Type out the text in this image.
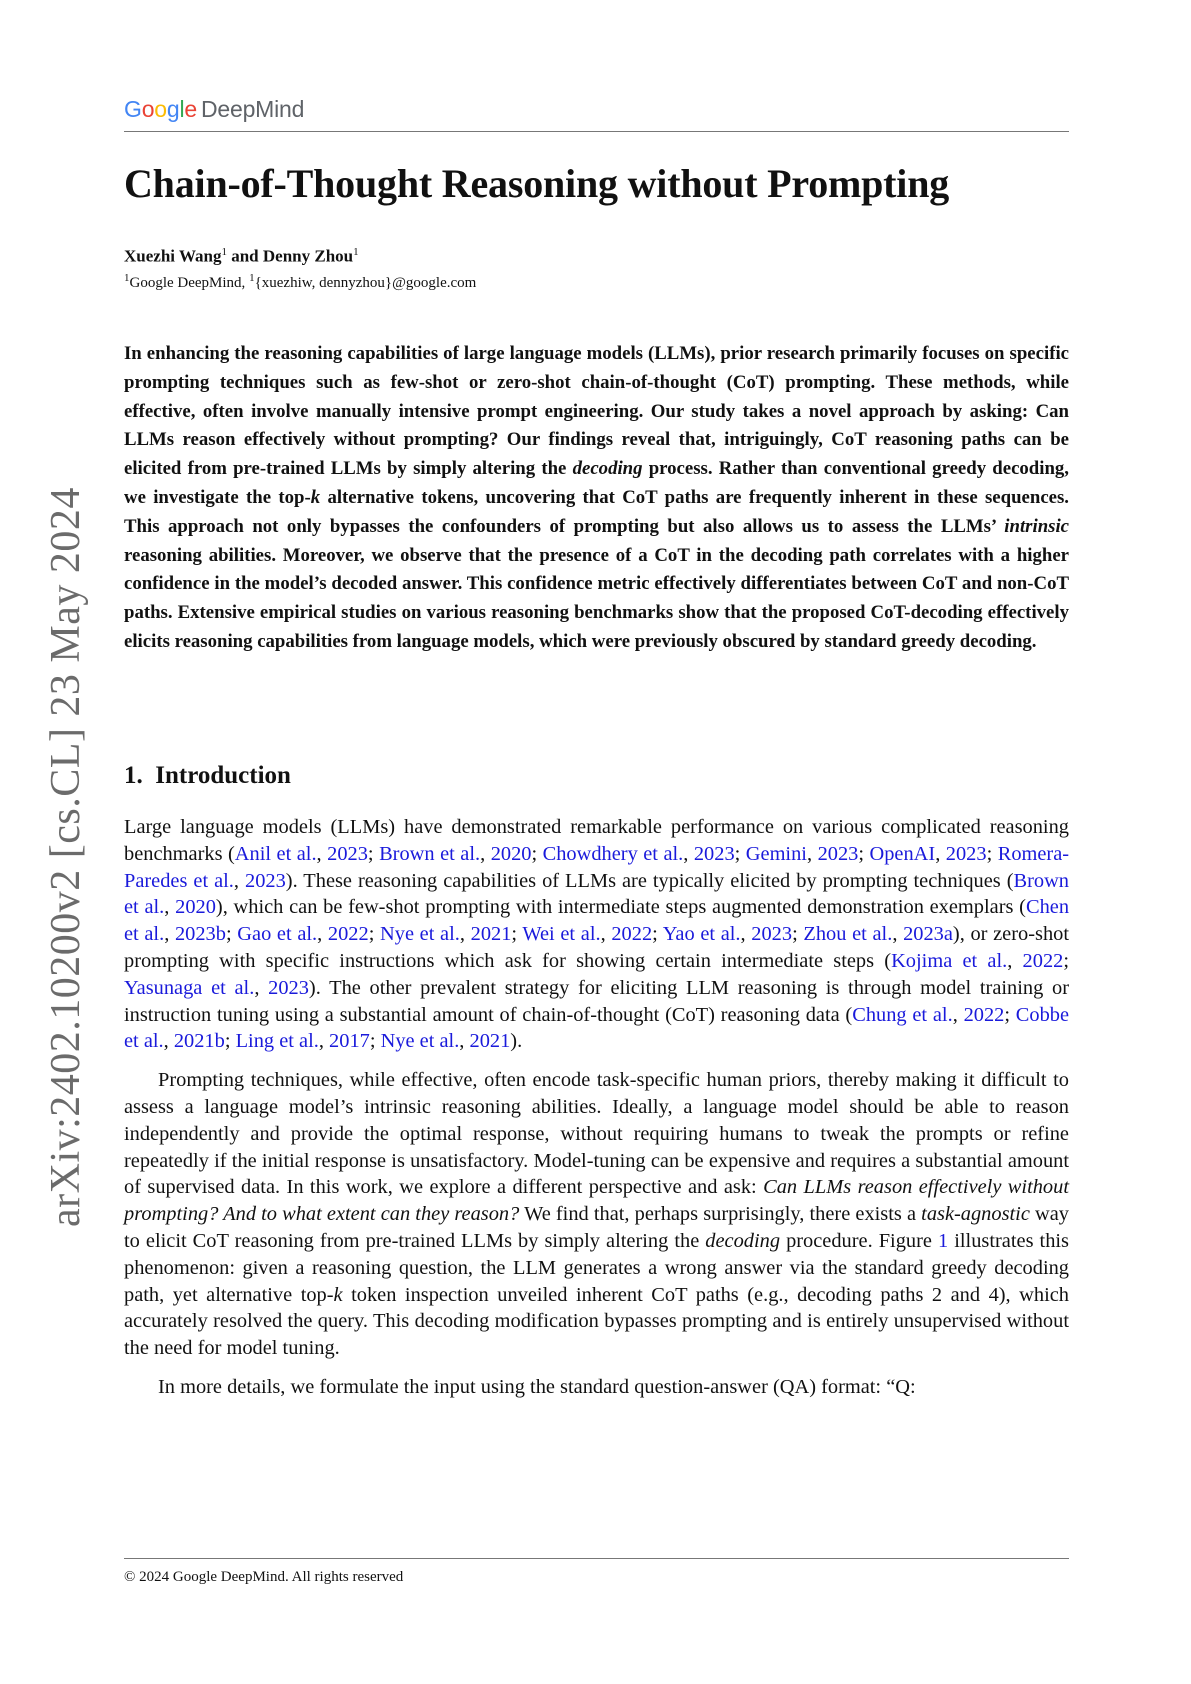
Google DeepMind
Chain-of-Thought Reasoning without Prompting
Xuezhi Wang$^1$ and Denny Zhou$^1$
$^1$Google DeepMind, $^1${xuezhiw, dennyzhou}@google.com
In enhancing the reasoning capabilities of large language models (LLMs), prior research primarily focuses on specific prompting techniques such as few-shot or zero-shot chain-of-thought (CoT) prompting. These methods, while effective, often involve manually intensive prompt engineering. Our study takes a novel approach by asking: Can LLMs reason effectively without prompting? Our findings reveal that, intriguingly, CoT reasoning paths can be elicited from pre-trained LLMs by simply altering the decoding process. Rather than conventional greedy decoding, we investigate the top-k alternative tokens, uncovering that CoT paths are frequently inherent in these sequences. This approach not only bypasses the confounders of prompting but also allows us to assess the LLMs’ intrinsic reasoning abilities. Moreover, we observe that the presence of a CoT in the decoding path correlates with a higher confidence in the model’s decoded answer. This confidence metric effectively differentiates between CoT and non-CoT paths. Extensive empirical studies on various reasoning benchmarks show that the proposed CoT-decoding effectively elicits reasoning capabilities from language models, which were previously obscured by standard greedy decoding.
1. Introduction

Large language models (LLMs) have demonstrated remarkable performance on various complicated reasoning benchmarks (Anil et al., 2023; Brown et al., 2020; Chowdhery et al., 2023; Gemini, 2023; OpenAI, 2023; Romera-Paredes et al., 2023). These reasoning capabilities of LLMs are typically elicited by prompting techniques (Brown et al., 2020), which can be few-shot prompting with intermediate steps augmented demonstration exemplars (Chen et al., 2023b; Gao et al., 2022; Nye et al., 2021; Wei et al., 2022; Yao et al., 2023; Zhou et al., 2023a), or zero-shot prompting with specific instructions which ask for showing certain intermediate steps (Kojima et al., 2022; Yasunaga et al., 2023). The other prevalent strategy for eliciting LLM reasoning is through model training or instruction tuning using a substantial amount of chain-of-thought (CoT) reasoning data (Chung et al., 2022; Cobbe et al., 2021b; Ling et al., 2017; Nye et al., 2021).

Prompting techniques, while effective, often encode task-specific human priors, thereby making it difficult to assess a language model’s intrinsic reasoning abilities. Ideally, a language model should be able to reason independently and provide the optimal response, without requiring humans to tweak the prompts or refine repeatedly if the initial response is unsatisfactory. Model-tuning can be expensive and requires a substantial amount of supervised data. In this work, we explore a different perspective and ask: Can LLMs reason effectively without prompting? And to what extent can they reason? We find that, perhaps surprisingly, there exists a task-agnostic way to elicit CoT reasoning from pre-trained LLMs by simply altering the decoding procedure. Figure 1 illustrates this phenomenon: given a reasoning question, the LLM generates a wrong answer via the standard greedy decoding path, yet alternative top-k token inspection unveiled inherent CoT paths (e.g., decoding paths 2 and 4), which accurately resolved the query. This decoding modification bypasses prompting and is entirely unsupervised without the need for model tuning.

In more details, we formulate the input using the standard question-answer (QA) format: “Q:

arXiv:2402.10200v2 [cs.CL] 23 May 2024
© 2024 Google DeepMind. All rights reserved
